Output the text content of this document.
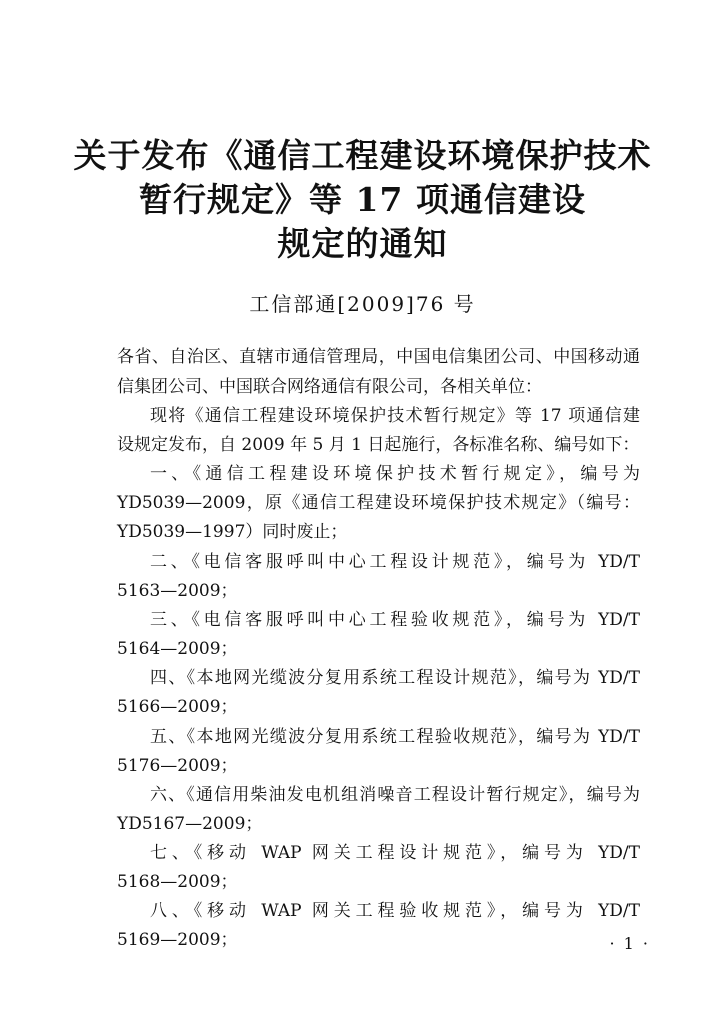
关于发布《通信工程建设环境保护技术
暂行规定》等 17 项通信建设
规定的通知
工信部通[2009]76 号
各省、自治区、直辖市通信管理局，中国电信集团公司、中国移动通
信集团公司、中国联合网络通信有限公司，各相关单位：
现将《通信工程建设环境保护技术暂行规定》等 17 项通信建
设规定发布，自 2009 年 5 月 1 日起施行，各标准名称、编号如下：
一、《通信工程建设环境保护技术暂行规定》，编号为
YD5039—2009，原《通信工程建设环境保护技术规定》（编号：
YD5039—1997）同时废止；
二、《电信客服呼叫中心工程设计规范》，编号为 YD/T
5163—2009；
三、《电信客服呼叫中心工程验收规范》，编号为 YD/T
5164—2009；
四、《本地网光缆波分复用系统工程设计规范》，编号为 YD/T
5166—2009；
五、《本地网光缆波分复用系统工程验收规范》，编号为 YD/T
5176—2009；
六、《通信用柴油发电机组消噪音工程设计暂行规定》，编号为
YD5167—2009；
七、《移动 WAP 网关工程设计规范》，编号为 YD/T
5168—2009；
八、《移动 WAP 网关工程验收规范》，编号为 YD/T
5169—2009；	· 1 ·
